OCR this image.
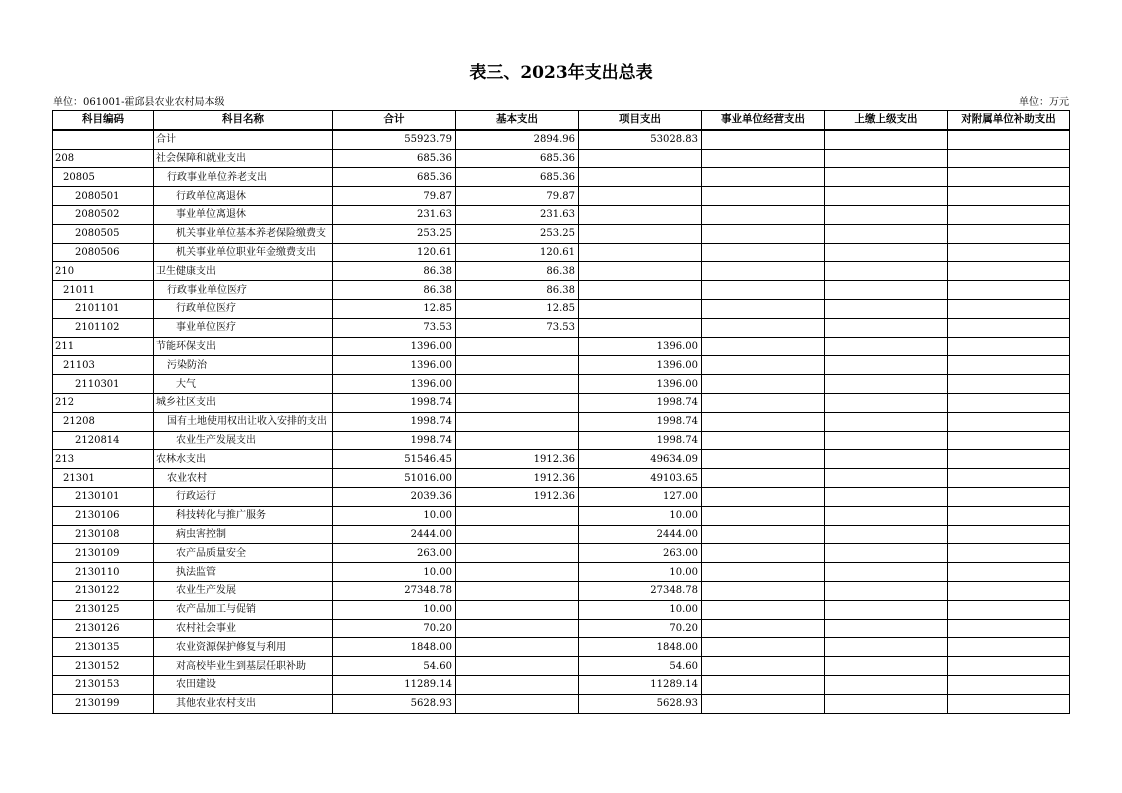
表三、2023年支出总表
单位：061001-霍邱县农业农村局本级	单位：万元
科目编码	科目名称	合计	基本支出	项目支出	事业单位经营支出	上缴上级支出	对附属单位补助支出
	合计	55923.79	2894.96	53028.83			
208	社会保障和就业支出	685.36	685.36				
20805	行政事业单位养老支出	685.36	685.36				
2080501	行政单位离退休	79.87	79.87				
2080502	事业单位离退休	231.63	231.63				
2080505	机关事业单位基本养老保险缴费支	253.25	253.25				
2080506	机关事业单位职业年金缴费支出	120.61	120.61				
210	卫生健康支出	86.38	86.38				
21011	行政事业单位医疗	86.38	86.38				
2101101	行政单位医疗	12.85	12.85				
2101102	事业单位医疗	73.53	73.53				
211	节能环保支出	1396.00		1396.00			
21103	污染防治	1396.00		1396.00			
2110301	大气	1396.00		1396.00			
212	城乡社区支出	1998.74		1998.74			
21208	国有土地使用权出让收入安排的支出	1998.74		1998.74			
2120814	农业生产发展支出	1998.74		1998.74			
213	农林水支出	51546.45	1912.36	49634.09			
21301	农业农村	51016.00	1912.36	49103.65			
2130101	行政运行	2039.36	1912.36	127.00			
2130106	科技转化与推广服务	10.00		10.00			
2130108	病虫害控制	2444.00		2444.00			
2130109	农产品质量安全	263.00		263.00			
2130110	执法监管	10.00		10.00			
2130122	农业生产发展	27348.78		27348.78			
2130125	农产品加工与促销	10.00		10.00			
2130126	农村社会事业	70.20		70.20			
2130135	农业资源保护修复与利用	1848.00		1848.00			
2130152	对高校毕业生到基层任职补助	54.60		54.60			
2130153	农田建设	11289.14		11289.14			
2130199	其他农业农村支出	5628.93		5628.93			
